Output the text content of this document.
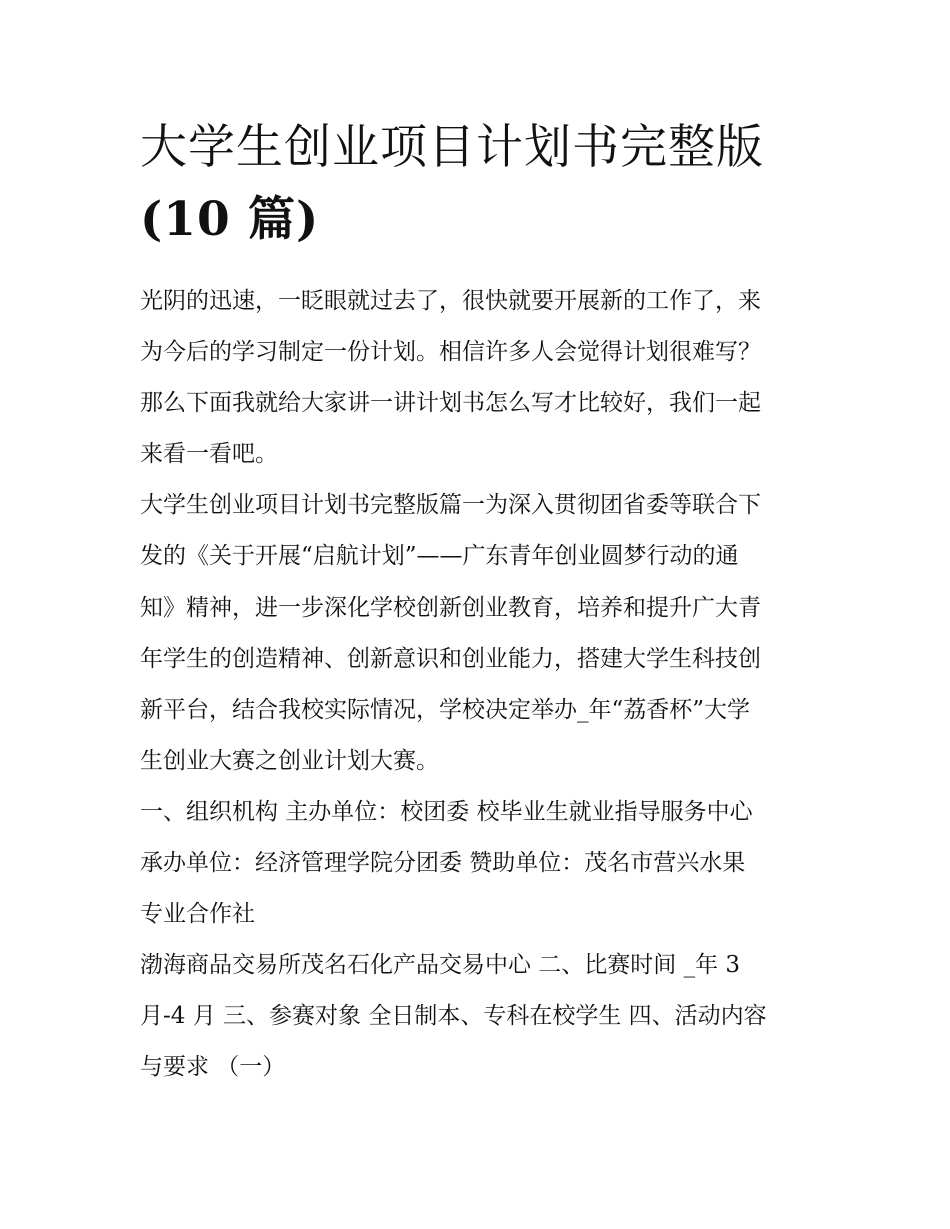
大学生创业项目计划书完整版
(10 篇)
光阴的迅速，一眨眼就过去了，很快就要开展新的工作了，来
为今后的学习制定一份计划。相信许多人会觉得计划很难写？
那么下面我就给大家讲一讲计划书怎么写才比较好，我们一起
来看一看吧。
大学生创业项目计划书完整版篇一为深入贯彻团省委等联合下
发的《关于开展“启航计划”——广东青年创业圆梦行动的通
知》精神，进一步深化学校创新创业教育，培养和提升广大青
年学生的创造精神、创新意识和创业能力，搭建大学生科技创
新平台，结合我校实际情况，学校决定举办_年“荔香杯”大学
生创业大赛之创业计划大赛。
一、组织机构 主办单位：校团委 校毕业生就业指导服务中心
承办单位：经济管理学院分团委 赞助单位：茂名市营兴水果
专业合作社
渤海商品交易所茂名石化产品交易中心 二、比赛时间 _年 3
月-4 月 三、参赛对象 全日制本、专科在校学生 四、活动内容
与要求 （一）
